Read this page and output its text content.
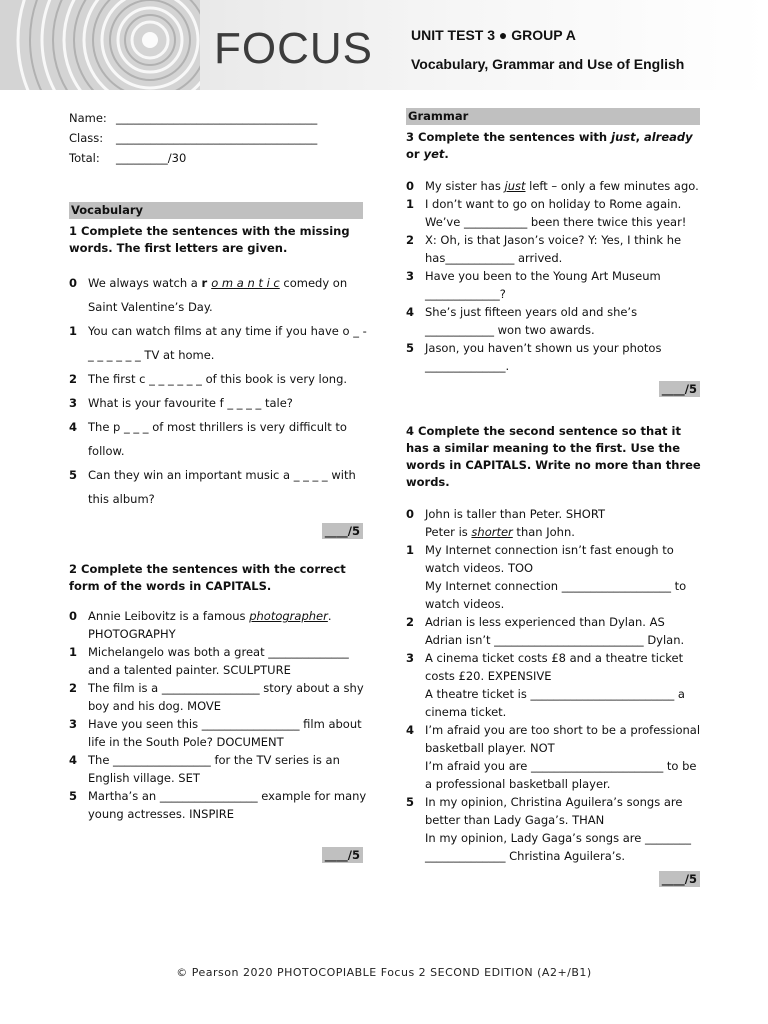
FOCUS	UNIT TEST 3 ● GROUP A
Vocabulary, Grammar and Use of English
Name: ___________________________________
Class:	___________________________________
Total:	_________/30
Vocabulary
1 Complete the sentences with the missing words. The first letters are given.
0 We always watch a r o m a n t i c comedy on Saint Valentine’s Day.
1 You can watch films at any time if you have o _ - _ _ _ _ _ _ TV at home.
2 The first c _ _ _ _ _ _ of this book is very long.
3 What is your favourite f _ _ _ _ tale?
4 The p _ _ _ of most thrillers is very difficult to follow.
5 Can they win an important music a _ _ _ _ with this album?
____/5
2 Complete the sentences with the correct form of the words in CAPITALS.
0 Annie Leibovitz is a famous photographer. PHOTOGRAPHY
1 Michelangelo was both a great ______________ and a talented painter. SCULPTURE
2 The film is a _________________ story about a shy boy and his dog. MOVE
3 Have you seen this _________________ film about life in the South Pole? DOCUMENT
4 The _________________ for the TV series is an English village. SET
5 Martha’s an _________________ example for many young actresses. INSPIRE
____/5
Grammar
3 Complete the sentences with just, already or yet.
0 My sister has just left – only a few minutes ago.
1 I don’t want to go on holiday to Rome again. We’ve ___________ been there twice this year!
2 X: Oh, is that Jason’s voice? Y: Yes, I think he has____________ arrived.
3 Have you been to the Young Art Museum _____________?
4 She’s just fifteen years old and she’s ____________ won two awards.
5 Jason, you haven’t shown us your photos ______________.
____/5
4 Complete the second sentence so that it has a similar meaning to the first. Use the words in CAPITALS. Write no more than three words.
0 John is taller than Peter. SHORT
Peter is shorter than John.
1 My Internet connection isn’t fast enough to watch videos. TOO
My Internet connection ___________________ to watch videos.
2 Adrian is less experienced than Dylan. AS
Adrian isn’t __________________________ Dylan.
3 A cinema ticket costs £8 and a theatre ticket costs £20. EXPENSIVE
A theatre ticket is _________________________ a cinema ticket.
4 I’m afraid you are too short to be a professional basketball player. NOT
I’m afraid you are _______________________ to be a professional basketball player.
5 In my opinion, Christina Aguilera’s songs are better than Lady Gaga’s. THAN
In my opinion, Lady Gaga’s songs are ________ ______________ Christina Aguilera’s.
____/5
© Pearson 2020 PHOTOCOPIABLE Focus 2 SECOND EDITION (A2+/B1)
